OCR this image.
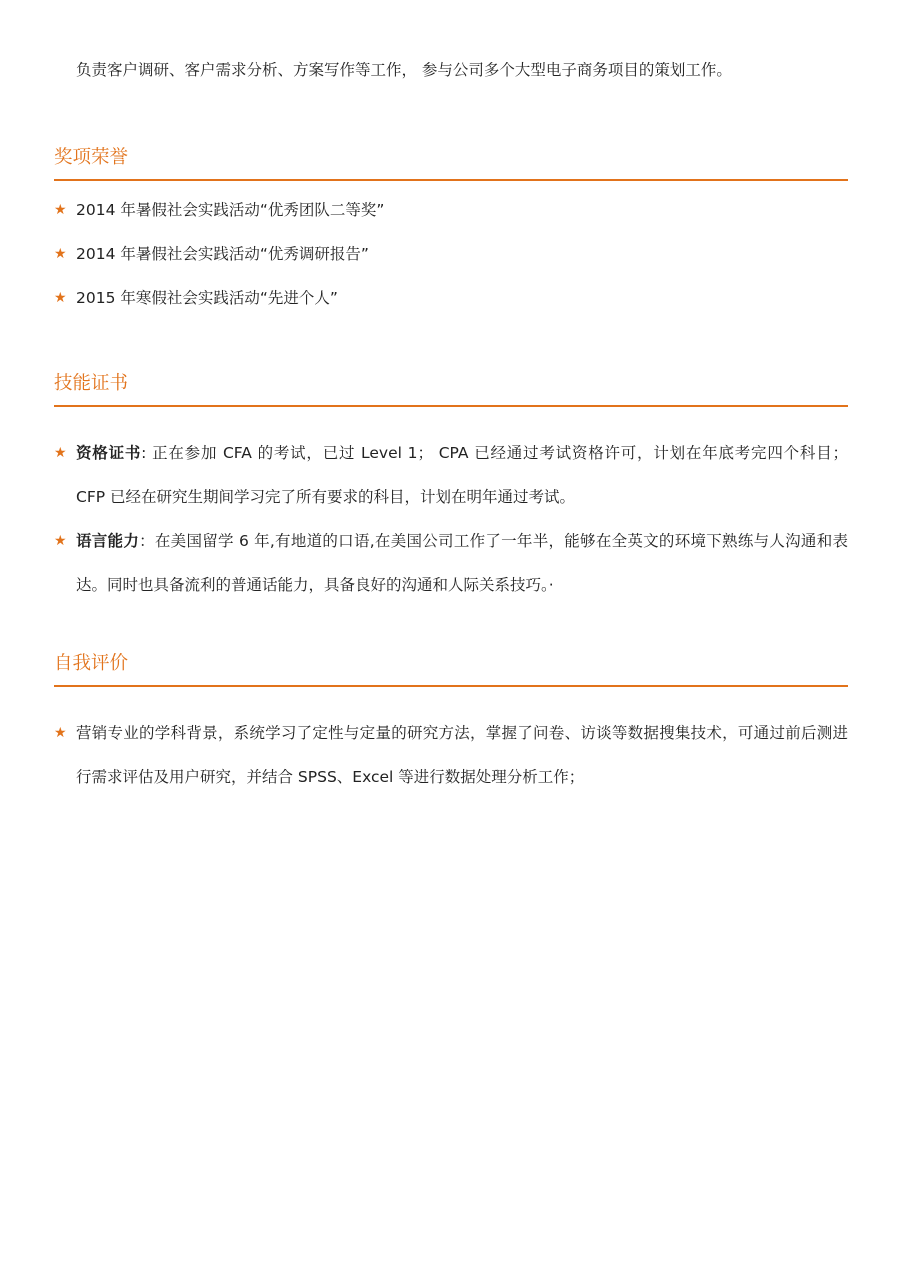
负责客户调研、客户需求分析、方案写作等工作， 参与公司多个大型电子商务项目的策划工作。
奖项荣誉
★ 2014 年暑假社会实践活动“优秀团队二等奖”
★ 2014 年暑假社会实践活动“优秀调研报告”
★ 2015 年寒假社会实践活动“先进个人”
技能证书
★ 资格证书: 正在参加 CFA 的考试，已过 Level 1； CPA 已经通过考试资格许可，计划在年底考完四个科目； CFP 已经在研究生期间学习完了所有要求的科目，计划在明年通过考试。
★ 语言能力：在美国留学 6 年,有地道的口语,在美国公司工作了一年半，能够在全英文的环境下熟练与人沟通和表达。同时也具备流利的普通话能力，具备良好的沟通和人际关系技巧。·
自我评价
★ 营销专业的学科背景，系统学习了定性与定量的研究方法，掌握了问卷、访谈等数据搜集技术，可通过前后测进行需求评估及用户研究，并结合 SPSS、Excel 等进行数据处理分析工作；
